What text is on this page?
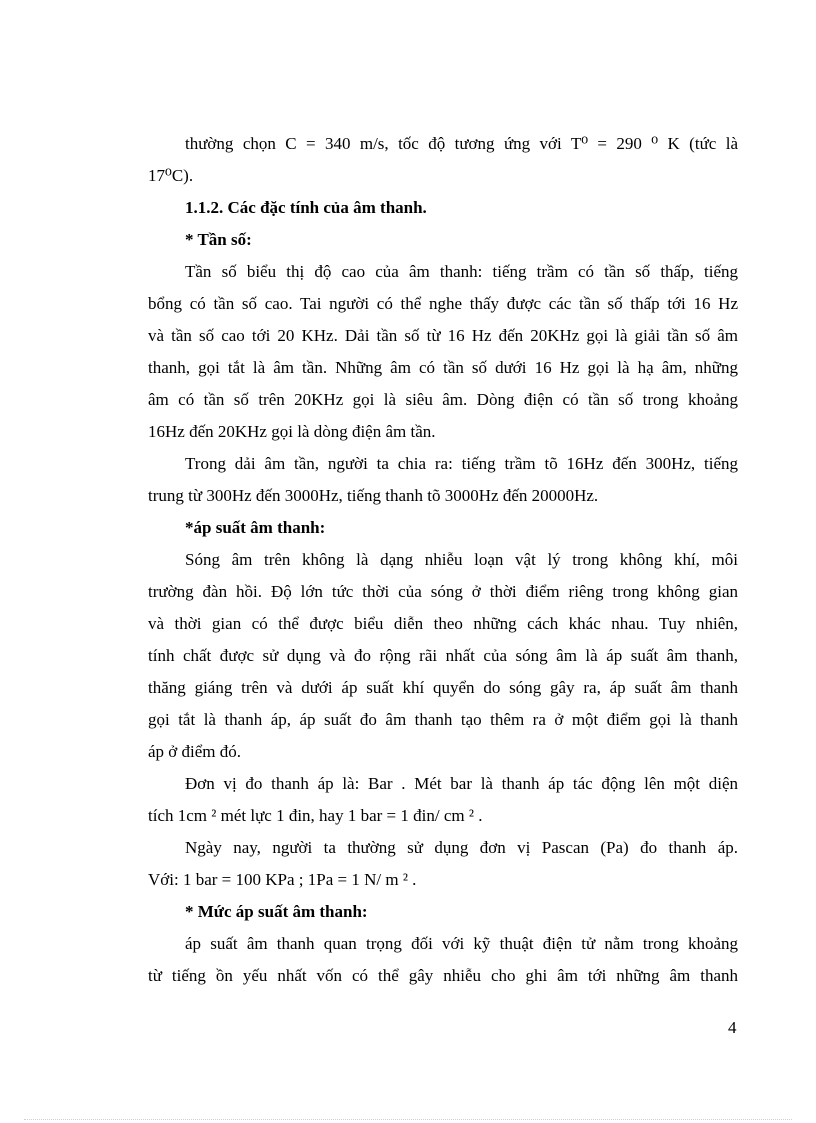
thường chọn C = 340 m/s, tốc độ tương ứng với T⁰ = 290 ⁰ K (tức là
17⁰C).
1.1.2. Các đặc tính của âm thanh.
* Tần số:
Tần số biểu thị độ cao của âm thanh: tiếng trầm có tần số thấp, tiếng
bổng có tần số cao. Tai người có thể nghe thấy được các tần số thấp tới 16 Hz
và tần số cao tới 20 KHz. Dải tần số từ 16 Hz đến 20KHz gọi là giải tần số âm
thanh, gọi tắt là âm tần. Những âm có tần số dưới 16 Hz gọi là hạ âm, những
âm có tần số trên 20KHz gọi là siêu âm. Dòng điện có tần số trong khoảng
16Hz đến 20KHz gọi là dòng điện âm tần.
Trong dải âm tần, người ta chia ra: tiếng trầm tõ 16Hz đến 300Hz, tiếng
trung từ 300Hz đến 3000Hz, tiếng thanh tõ 3000Hz đến 20000Hz.
*áp suất âm thanh:
Sóng âm trên không là dạng nhiễu loạn vật lý trong không khí, môi
trường đàn hồi. Độ lớn tức thời của sóng ở thời điểm riêng trong không gian
và thời gian có thể được biểu diễn theo những cách khác nhau. Tuy nhiên,
tính chất được sử dụng và đo rộng rãi nhất của sóng âm là áp suất âm thanh,
thăng giáng trên và dưới áp suất khí quyển do sóng gây ra, áp suất âm thanh
gọi tắt là thanh áp, áp suất đo âm thanh tạo thêm ra ở một điểm gọi là thanh
áp ở điểm đó.
Đơn vị đo thanh áp là: Bar . Mét bar là thanh áp tác động lên một diện
tích 1cm ² mét lực 1 đin, hay 1 bar = 1 đin/ cm ² .
Ngày nay, người ta thường sử dụng đơn vị Pascan (Pa) đo thanh áp.
Với: 1 bar = 100 KPa ; 1Pa = 1 N/ m ² .
* Mức áp suất âm thanh:
áp suất âm thanh quan trọng đối với kỹ thuật điện tử nằm trong khoảng
từ tiếng ồn yếu nhất vốn có thể gây nhiễu cho ghi âm tới những âm thanh
4
